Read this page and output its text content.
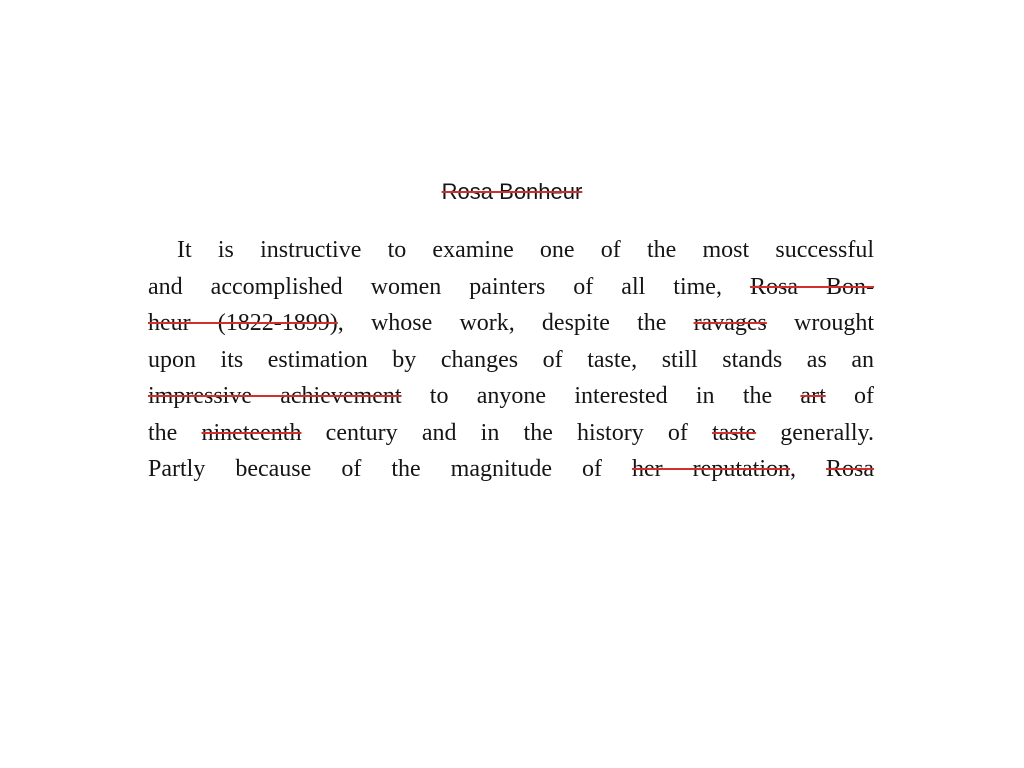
Rosa Bonheur
It is instructive to examine one of the most successful
and accomplished women painters of all time, Rosa Bon-
heur (1822-1899), whose work, despite the ravages wrought
upon its estimation by changes of taste, still stands as an
impressive achievement to anyone interested in the art of
the nineteenth century and in the history of taste generally.
Partly because of the magnitude of her reputation, Rosa
